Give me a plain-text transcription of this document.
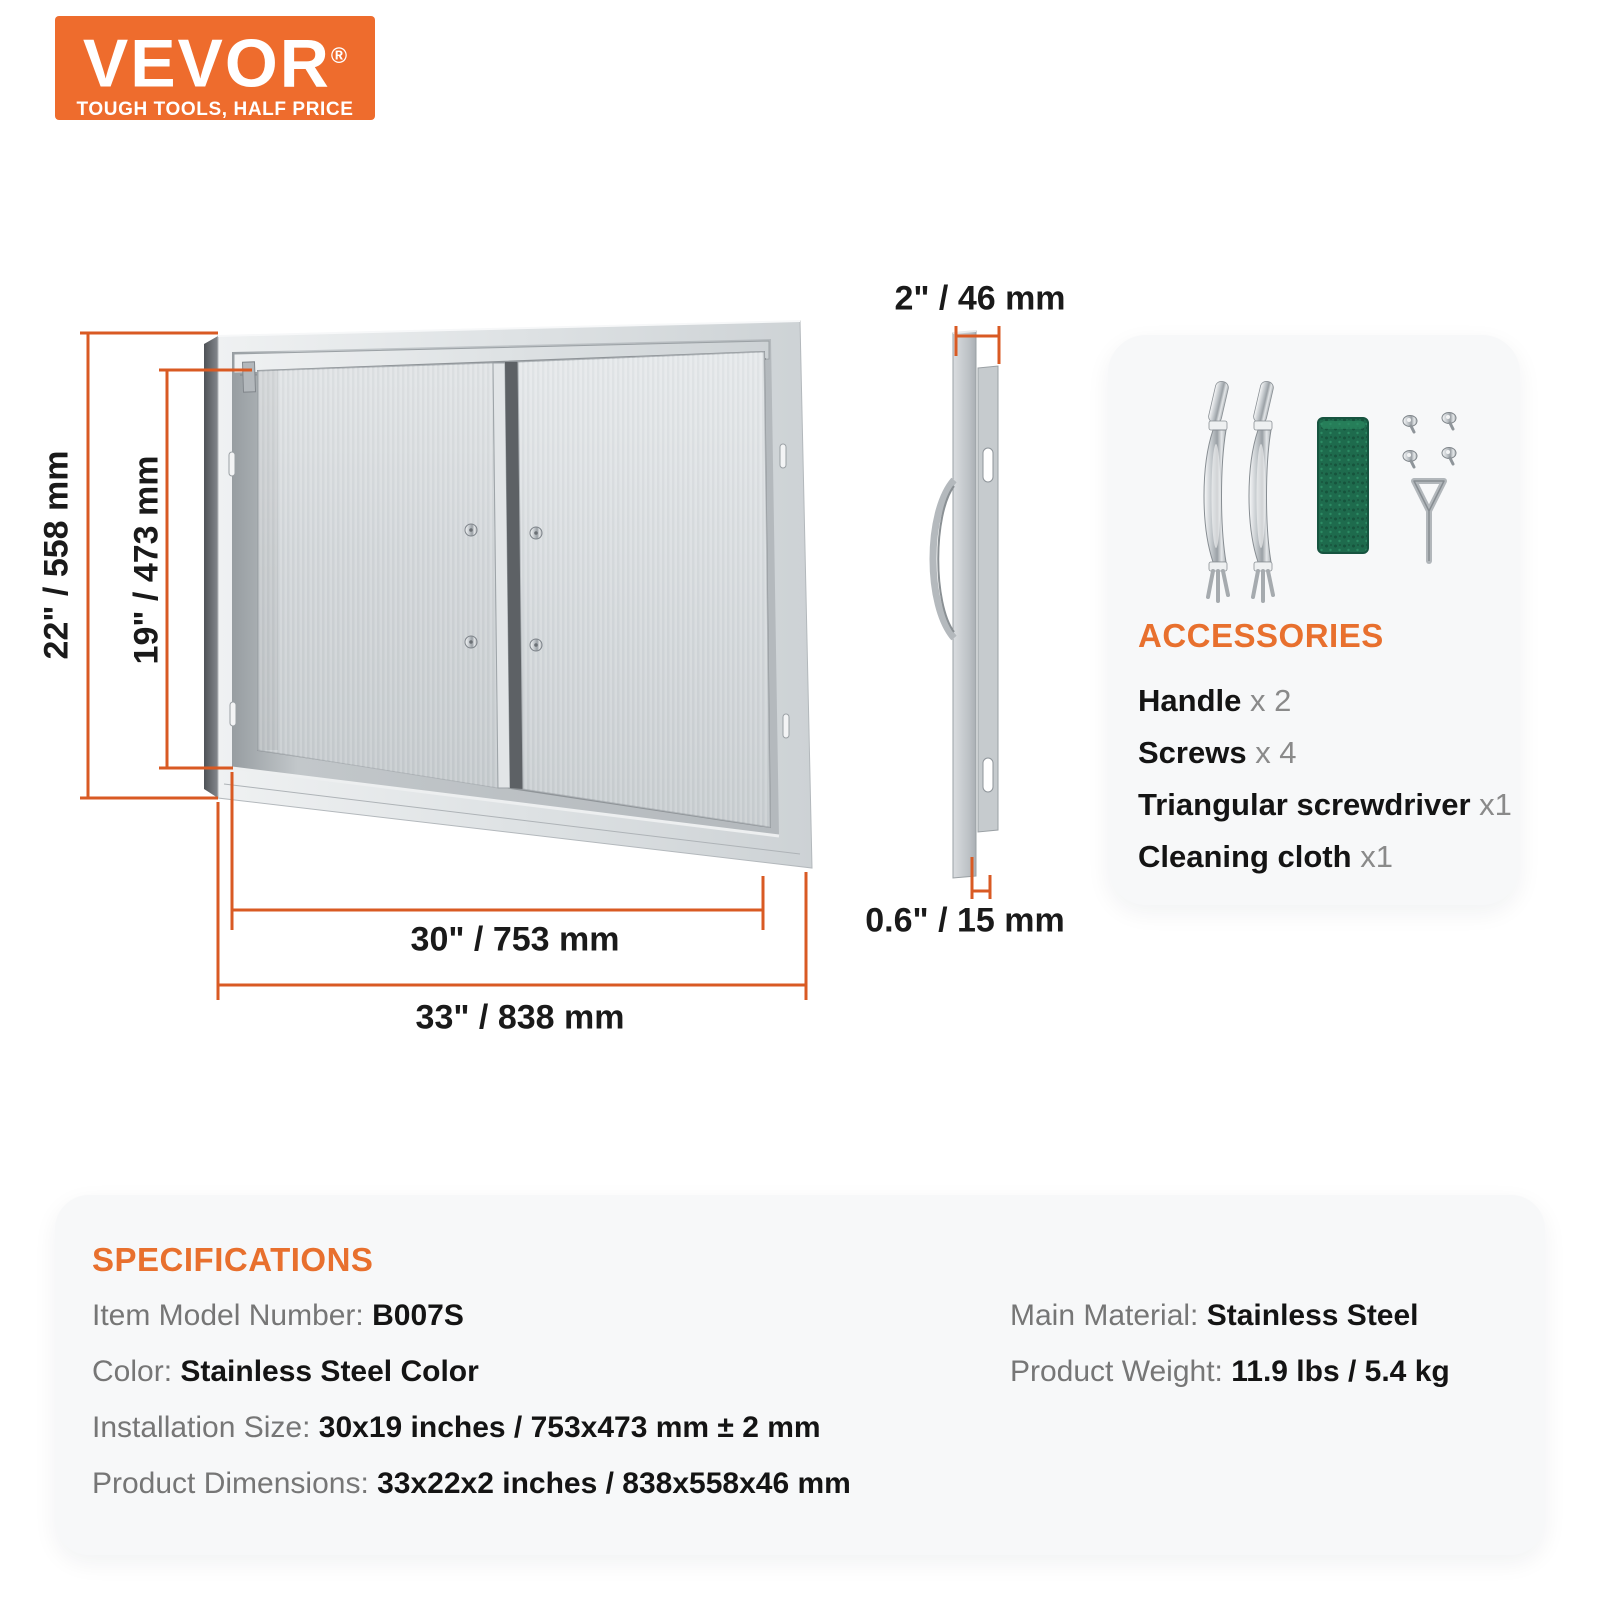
VEVOR®
TOUGH TOOLS, HALF PRICE
22" / 558 mm 19" / 473 mm
30" / 753 mm
33" / 838 mm
2" / 46 mm
0.6" / 15 mm
ACCESSORIES
Handle x 2
Screws x 4
Triangular screwdriver x1
Cleaning cloth x1
SPECIFICATIONS
Item Model Number: B007S
Color: Stainless Steel Color
Installation Size: 30x19 inches / 753x473 mm ± 2 mm
Product Dimensions: 33x22x2 inches / 838x558x46 mm
Main Material: Stainless Steel
Product Weight: 11.9 lbs / 5.4 kg
